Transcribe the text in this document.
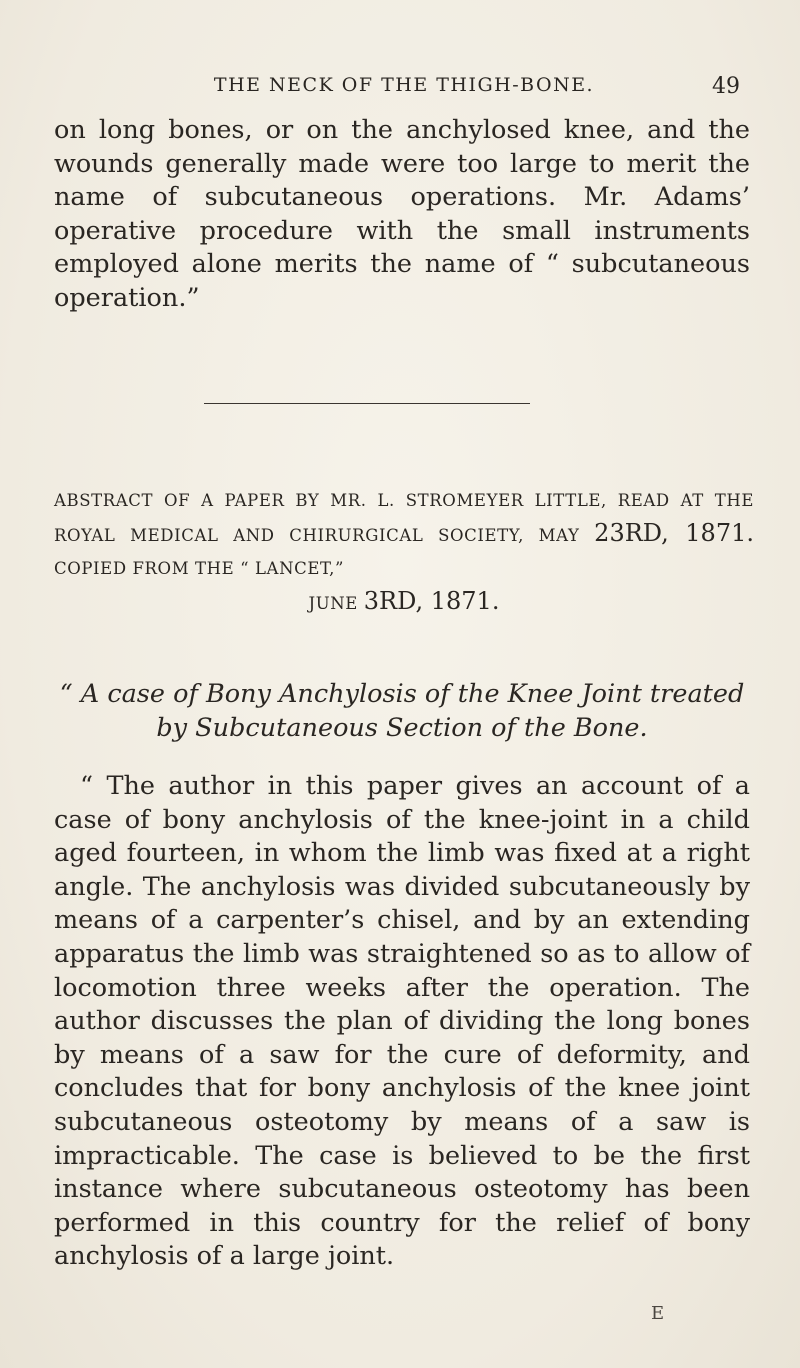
THE NECK OF THE THIGH-BONE.	49

on long bones, or on the anchylosed knee, and the wounds generally made were too large to merit the name of subcutaneous operations. Mr. Adams’ operative procedure with the small instruments employed alone merits the name of “ subcutaneous operation.”

ABSTRACT OF A PAPER BY MR. L. STROMEYER LITTLE, READ AT THE ROYAL MEDICAL AND CHIRURGICAL SOCIETY, MAY 23RD, 1871. COPIED FROM THE “ LANCET,”
JUNE 3RD, 1871.
“ A case of Bony Anchylosis of the Knee Joint treated by Subcutaneous Section of the Bone.

“ The author in this paper gives an account of a case of bony anchylosis of the knee-joint in a child aged fourteen, in whom the limb was fixed at a right angle. The anchylosis was divided subcutaneously by means of a carpenter’s chisel, and by an extending apparatus the limb was straightened so as to allow of locomotion three weeks after the operation. The author discusses the plan of dividing the long bones by means of a saw for the cure of deformity, and concludes that for bony anchylosis of the knee joint subcutaneous osteotomy by means of a saw is impracticable. The case is believed to be the first instance where subcutaneous osteotomy has been performed in this country for the relief of bony anchylosis of a large joint.

E
